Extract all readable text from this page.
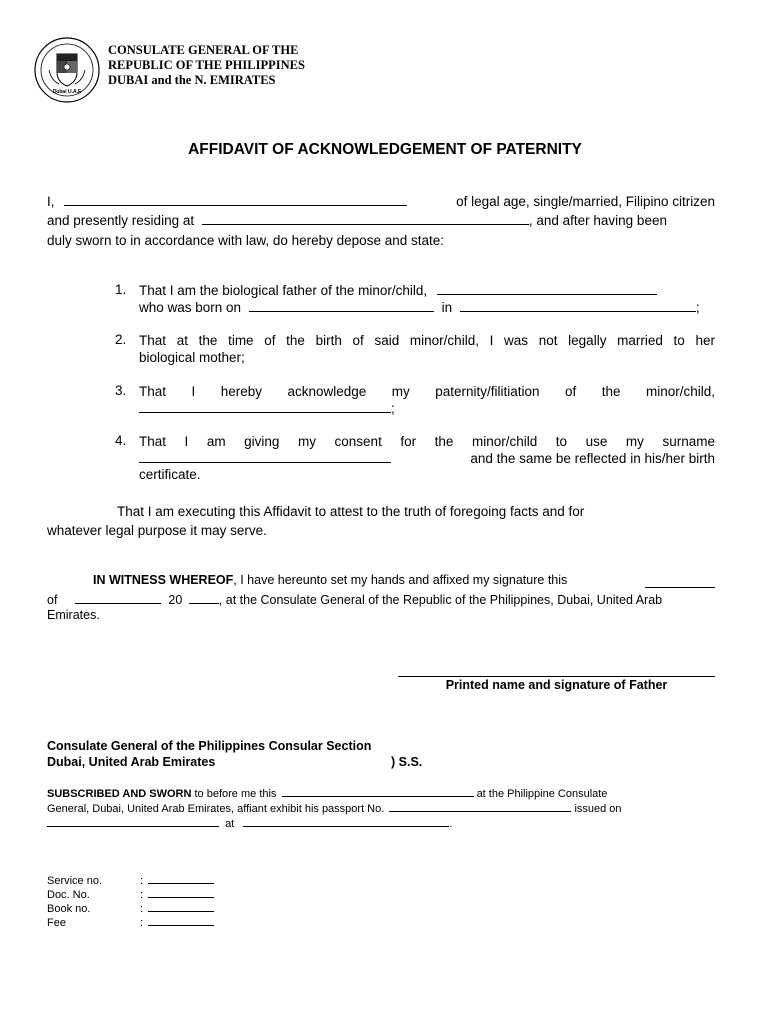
Dubai U.A.E
CONSULATE GENERAL OF THE
REPUBLIC OF THE PHILIPPINES
DUBAI and the N. EMIRATES
AFFIDAVIT OF ACKNOWLEDGEMENT OF PATERNITY
I,	of legal age, single/married, Filipino citrizen
and presently residing at	, and after having been
duly sworn to in accordance with law, do hereby depose and state:
1. That I am the biological father of the minor/child,
who was born on	in	;
2. That at the time of the birth of said minor/child, I was not legally married to her
biological mother;
3. That I hereby acknowledge my paternity/filitiation of the minor/child,
;
4. That I am giving my consent for the minor/child to use my surname
and the same be reflected in his/her birth
certificate.
That I am executing this Affidavit to attest to the truth of foregoing facts and for
whatever legal purpose it may serve.
IN WITNESS WHEREOF, I have hereunto set my hands and affixed my signature this
of	20	, at the Consulate General of the Republic of the Philippines, Dubai, United Arab
Emirates.
Printed name and signature of Father
Consulate General of the Philippines Consular Section
Dubai, United Arab Emirates	) S.S.
SUBSCRIBED AND SWORN to before me this	at the Philippine Consulate
General, Dubai, United Arab Emirates, affiant exhibit his passport No.	issued on
at	.
Service no.	:
Doc. No.	:
Book no.	:
Fee	:
